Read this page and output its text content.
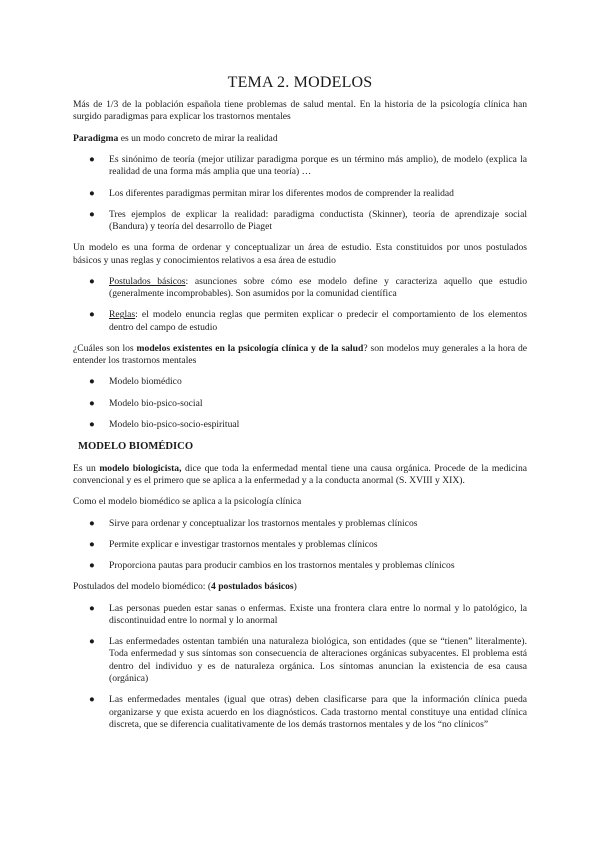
TEMA 2. MODELOS

Más de 1/3 de la población española tiene problemas de salud mental. En la historia de la psicología clínica han surgido paradigmas para explicar los trastornos mentales

Paradigma es un modo concreto de mirar la realidad

● Es sinónimo de teoría (mejor utilizar paradigma porque es un término más amplio), de modelo (explica la realidad de una forma más amplia que una teoría) …
● Los diferentes paradigmas permitan mirar los diferentes modos de comprender la realidad
● Tres ejemplos de explicar la realidad: paradigma conductista (Skinner), teoría de aprendizaje social (Bandura) y teoría del desarrollo de Piaget

Un modelo es una forma de ordenar y conceptualizar un área de estudio. Esta constituidos por unos postulados básicos y unas reglas y conocimientos relativos a esa área de estudio

● Postulados básicos: asunciones sobre cómo ese modelo define y caracteriza aquello que estudio (generalmente incomprobables). Son asumidos por la comunidad científica
● Reglas: el modelo enuncia reglas que permiten explicar o predecir el comportamiento de los elementos dentro del campo de estudio

¿Cuáles son los modelos existentes en la psicología clínica y de la salud? son modelos muy generales a la hora de entender los trastornos mentales

● Modelo biomédico
● Modelo bio-psico-social
● Modelo bio-psico-socio-espiritual
MODELO BIOMÉDICO

Es un modelo biologicista, dice que toda la enfermedad mental tiene una causa orgánica. Procede de la medicina convencional y es el primero que se aplica a la enfermedad y a la conducta anormal (S. XVIII y XIX).

Como el modelo biomédico se aplica a la psicología clínica

● Sirve para ordenar y conceptualizar los trastornos mentales y problemas clínicos
● Permite explicar e investigar trastornos mentales y problemas clínicos
● Proporciona pautas para producir cambios en los trastornos mentales y problemas clínicos

Postulados del modelo biomédico: (4 postulados básicos)

● Las personas pueden estar sanas o enfermas. Existe una frontera clara entre lo normal y lo patológico, la discontinuidad entre lo normal y lo anormal
● Las enfermedades ostentan también una naturaleza biológica, son entidades (que se “tienen” literalmente). Toda enfermedad y sus síntomas son consecuencia de alteraciones orgánicas subyacentes. El problema está dentro del individuo y es de naturaleza orgánica. Los síntomas anuncian la existencia de esa causa (orgánica)
● Las enfermedades mentales (igual que otras) deben clasificarse para que la información clínica pueda organizarse y que exista acuerdo en los diagnósticos. Cada trastorno mental constituye una entidad clínica discreta, que se diferencia cualitativamente de los demás trastornos mentales y de los “no clínicos”
